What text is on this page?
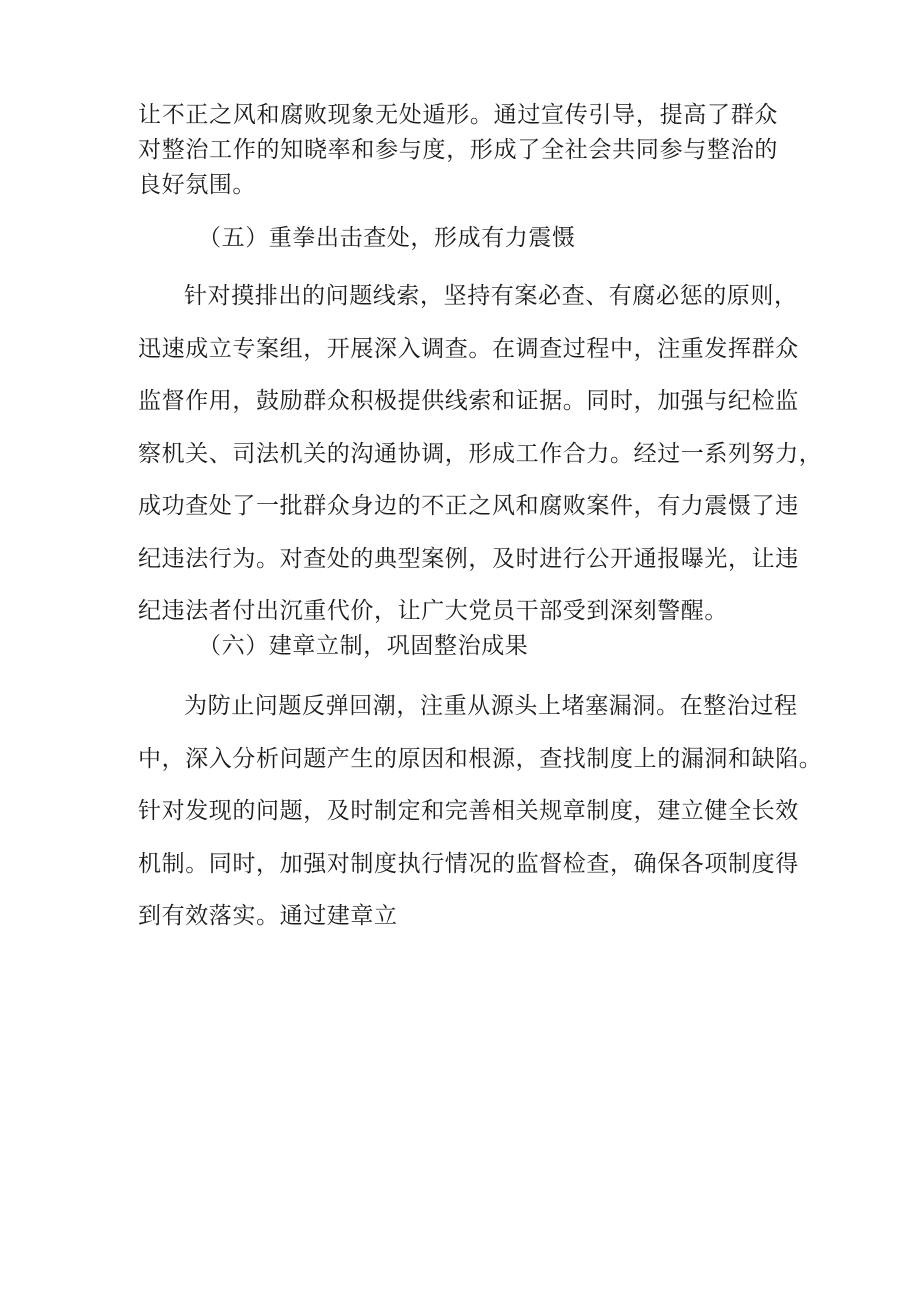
让不正之风和腐败现象无处遁形。通过宣传引导，提高了群众
对整治工作的知晓率和参与度，形成了全社会共同参与整治的
良好氛围。
（五）重拳出击查处，形成有力震慑
针对摸排出的问题线索，坚持有案必查、有腐必惩的原则，
迅速成立专案组，开展深入调查。在调查过程中，注重发挥群众
监督作用，鼓励群众积极提供线索和证据。同时，加强与纪检监
察机关、司法机关的沟通协调，形成工作合力。经过一系列努力，
成功查处了一批群众身边的不正之风和腐败案件，有力震慑了违
纪违法行为。对查处的典型案例，及时进行公开通报曝光，让违
纪违法者付出沉重代价，让广大党员干部受到深刻警醒。
（六）建章立制，巩固整治成果
为防止问题反弹回潮，注重从源头上堵塞漏洞。在整治过程
中，深入分析问题产生的原因和根源，查找制度上的漏洞和缺陷。
针对发现的问题，及时制定和完善相关规章制度，建立健全长效
机制。同时，加强对制度执行情况的监督检查，确保各项制度得
到有效落实。通过建章立
